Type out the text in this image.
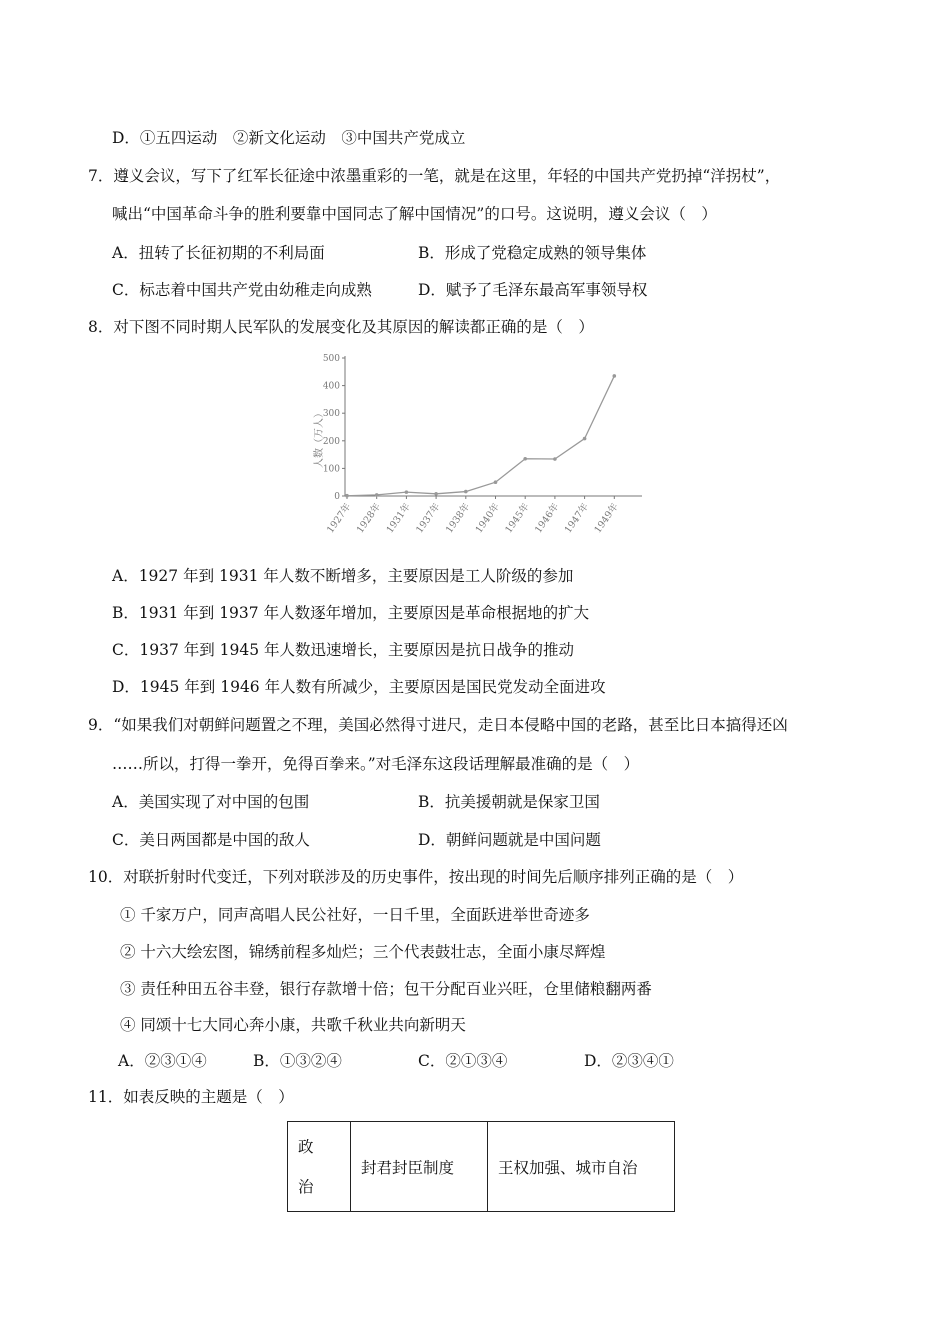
D．①五四运动　②新文化运动　③中国共产党成立
7．遵义会议，写下了红军长征途中浓墨重彩的一笔，就是在这里，年轻的中国共产党扔掉“洋拐杖”，
喊出“中国革命斗争的胜利要靠中国同志了解中国情况”的口号。这说明，遵义会议（　）
A．扭转了长征初期的不利局面	B．形成了党稳定成熟的领导集体
C．标志着中国共产党由幼稚走向成熟	D．赋予了毛泽东最高军事领导权
8．对下图不同时期人民军队的发展变化及其原因的解读都正确的是（　）
0
100
200
300
400
500
1927年 1928年 1931年 1937年 1938年 1940年 1945年 1946年 1947年 1949年
人数（万人）
A．1927 年到 1931 年人数不断增多，主要原因是工人阶级的参加
B．1931 年到 1937 年人数逐年增加，主要原因是革命根据地的扩大
C．1937 年到 1945 年人数迅速增长，主要原因是抗日战争的推动
D．1945 年到 1946 年人数有所减少，主要原因是国民党发动全面进攻
9．“如果我们对朝鲜问题置之不理，美国必然得寸进尺，走日本侵略中国的老路，甚至比日本搞得还凶
……所以，打得一拳开，免得百拳来。”对毛泽东这段话理解最准确的是（　）
A．美国实现了对中国的包围	B．抗美援朝就是保家卫国
C．美日两国都是中国的敌人	D．朝鲜问题就是中国问题
10．对联折射时代变迁，下列对联涉及的历史事件，按出现的时间先后顺序排列正确的是（　）
① 千家万户，同声高唱人民公社好，一日千里，全面跃进举世奇迹多
② 十六大绘宏图，锦绣前程多灿烂；三个代表鼓壮志，全面小康尽辉煌
③ 责任种田五谷丰登，银行存款增十倍；包干分配百业兴旺，仓里储粮翻两番
④ 同颂十七大同心奔小康，共歌千秋业共向新明天
A．②③①④	B．①③②④	C．②①③④	D．②③④①
11．如表反映的主题是（　）
政
治
	封君封臣制度	王权加强、城市自治
